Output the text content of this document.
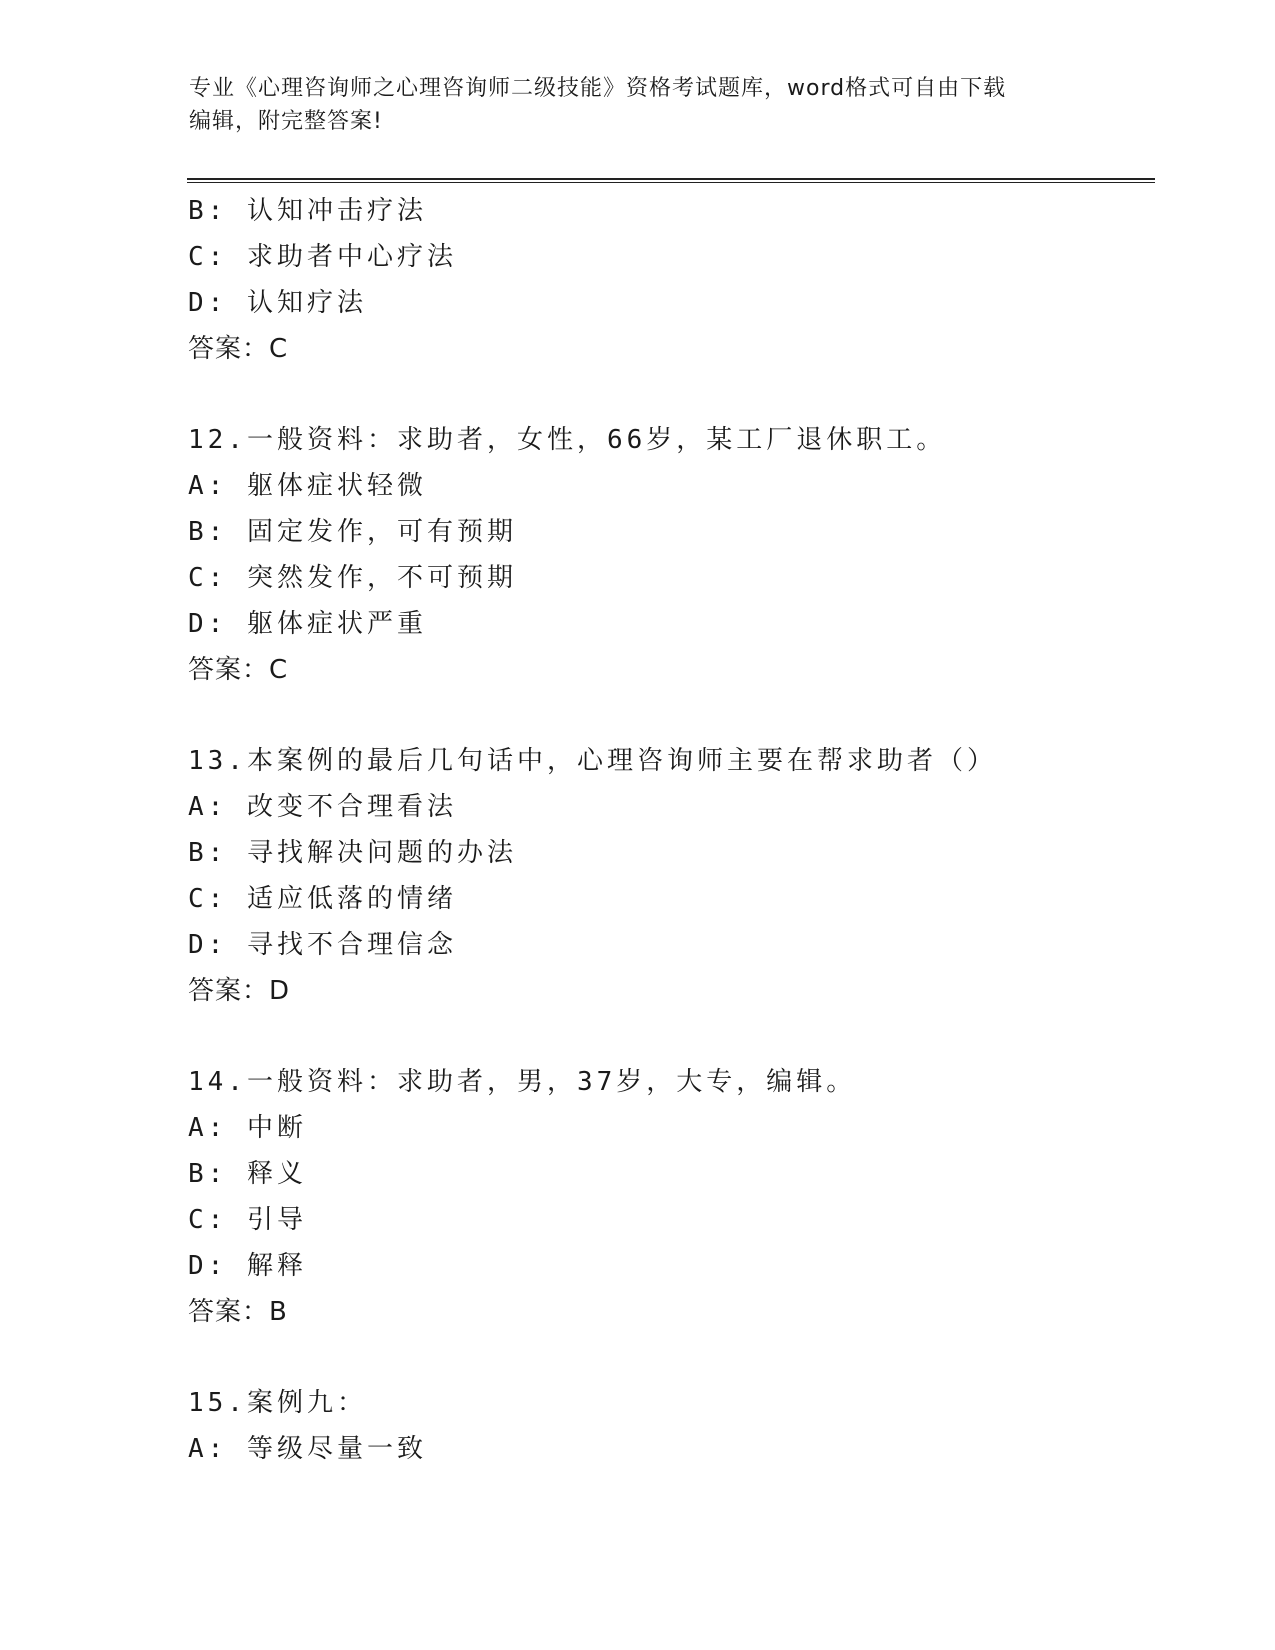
专业《心理咨询师之心理咨询师二级技能》资格考试题库，word格式可自由下载
编辑，附完整答案!
B: 认知冲击疗法
C: 求助者中心疗法
D: 认知疗法
答案：C
12.一般资料：求助者，女性，66岁，某工厂退休职工。
A: 躯体症状轻微
B: 固定发作，可有预期
C: 突然发作，不可预期
D: 躯体症状严重
答案：C
13.本案例的最后几句话中，心理咨询师主要在帮求助者（）
A: 改变不合理看法
B: 寻找解决问题的办法
C: 适应低落的情绪
D: 寻找不合理信念
答案：D
14.一般资料：求助者，男，37岁，大专，编辑。
A: 中断
B: 释义
C: 引导
D: 解释
答案：B
15.案例九：
A: 等级尽量一致
